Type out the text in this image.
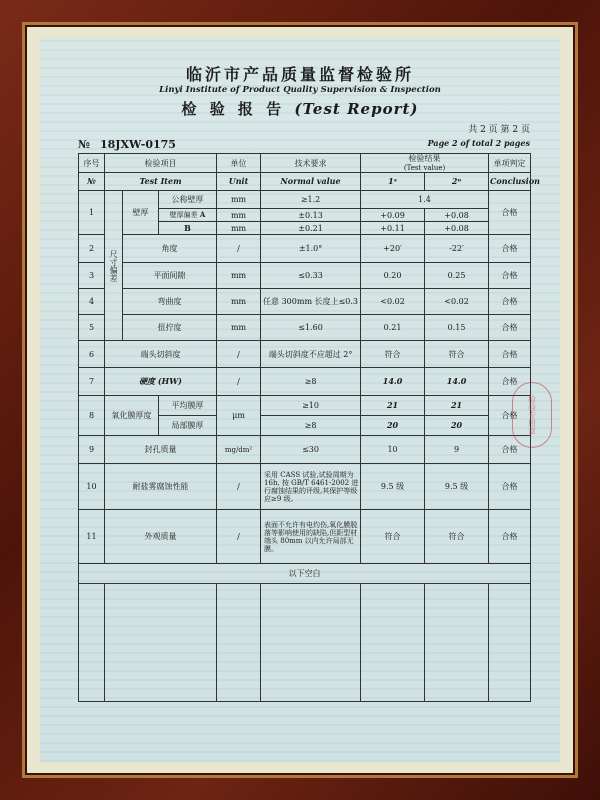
临沂市产品质量监督检验所
Linyi Institute of Product Quality Supervision & Inspection
检 验 报 告 (Test Report)
共 2 页 第 2 页
Page 2 of total 2 pages
№ 18JXW-0175
序号	检验项目			单位	技术要求	检验结果
(Test value)		单项判定
№	Test Item			Unit	Normal value	1ˢ	2ⁿ	Conclusion
1	尺寸偏差	壁厚	公称壁厚	mm	≥1.2	1.4		合格
			壁厚偏差 A	mm	±0.13	+0.09	+0.08	
			B	mm	±0.21	+0.11	+0.08	
2		角度		/	±1.0°	+20′	-22′	合格
3		平面间隙		mm	≤0.33	0.20	0.25	合格
4		弯曲度		mm	任意 300mm 长度上≤0.3	<0.02	<0.02	合格
5		扭拧度		mm	≤1.60	0.21	0.15	合格
6	端头切斜度			/	端头切斜度不应超过 2°	符合	符合	合格
7	硬度 (HW)			/	≥8	14.0	14.0	合格
8	氧化膜厚度		平均膜厚	μm	≥10	21	21	合格
			局部膜厚		≥8	20	20	
9	封孔质量			mg/dm²	≤30	10	9	合格
10	耐盐雾腐蚀性能			/	采用 CASS 试验,试验周期为 16h, 按 GB/T 6461-2002 进行腐蚀结果的评级,其保护等级应≥9 级。	9.5 级	9.5 级	合格
11	外观质量			/	表面不允许有电灼伤,氧化膜脱落等影响使用的缺陷,但距型材端头 80mm 以内允许局部无膜。	符合	符合	合格
以下空白								

检验专用章
